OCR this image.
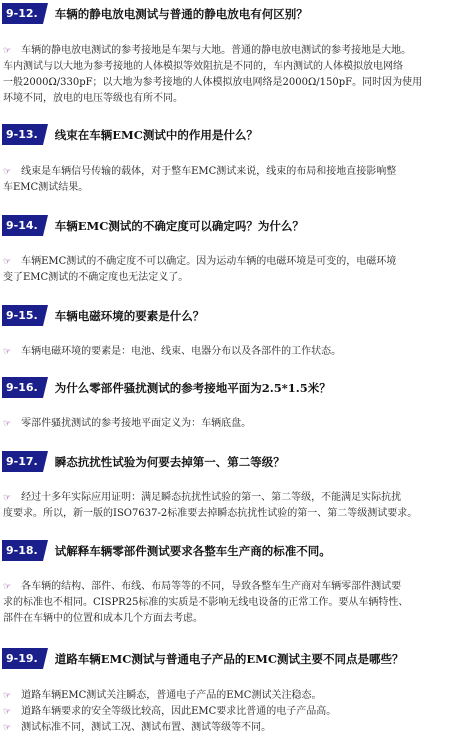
9-12.	车辆的静电放电测试与普通的静电放电有何区别？

☞ 车辆的静电放电测试的参考接地是车架与大地。普通的静电放电测试的参考接地是大地。

车内测试与以大地为参考接地的人体模拟等效阻抗是不同的，车内测试的人体模拟放电网络

一般2000Ω/330pF；以大地为参考接地的人体模拟放电网络是2000Ω/150pF。同时因为使用

环境不同，放电的电压等级也有所不同。

9-13.	线束在车辆EMC测试中的作用是什么？

☞ 线束是车辆信号传输的载体，对于整车EMC测试来说，线束的布局和接地直接影响整

车EMC测试结果。

9-14.	车辆EMC测试的不确定度可以确定吗？为什么？

☞ 车辆EMC测试的不确定度不可以确定。因为运动车辆的电磁环境是可变的，电磁环境

变了EMC测试的不确定度也无法定义了。

9-15.	车辆电磁环境的要素是什么？

☞ 车辆电磁环境的要素是：电池、线束、电器分布以及各部件的工作状态。

9-16.	为什么零部件骚扰测试的参考接地平面为2.5*1.5米？

☞ 零部件骚扰测试的参考接地平面定义为：车辆底盘。

9-17.	瞬态抗扰性试验为何要去掉第一、第二等级？

☞ 经过十多年实际应用证明：满足瞬态抗扰性试验的第一、第二等级，不能满足实际抗扰

度要求。所以，新一版的ISO7637-2标准要去掉瞬态抗扰性试验的第一、第二等级测试要求。

9-18.	试解释车辆零部件测试要求各整车生产商的标准不同。

☞ 各车辆的结构、部件、布线、布局等等的不同，导致各整车生产商对车辆零部件测试要

求的标准也不相同。CISPR25标准的实质是不影响无线电设备的正常工作。要从车辆特性、

部件在车辆中的位置和成本几个方面去考虑。

9-19.	道路车辆EMC测试与普通电子产品的EMC测试主要不同点是哪些？

☞ 道路车辆EMC测试关注瞬态，普通电子产品的EMC测试关注稳态。

☞ 道路车辆要求的安全等级比较高，因此EMC要求比普通的电子产品高。

☞ 测试标准不同，测试工况、测试布置、测试等级等不同。
